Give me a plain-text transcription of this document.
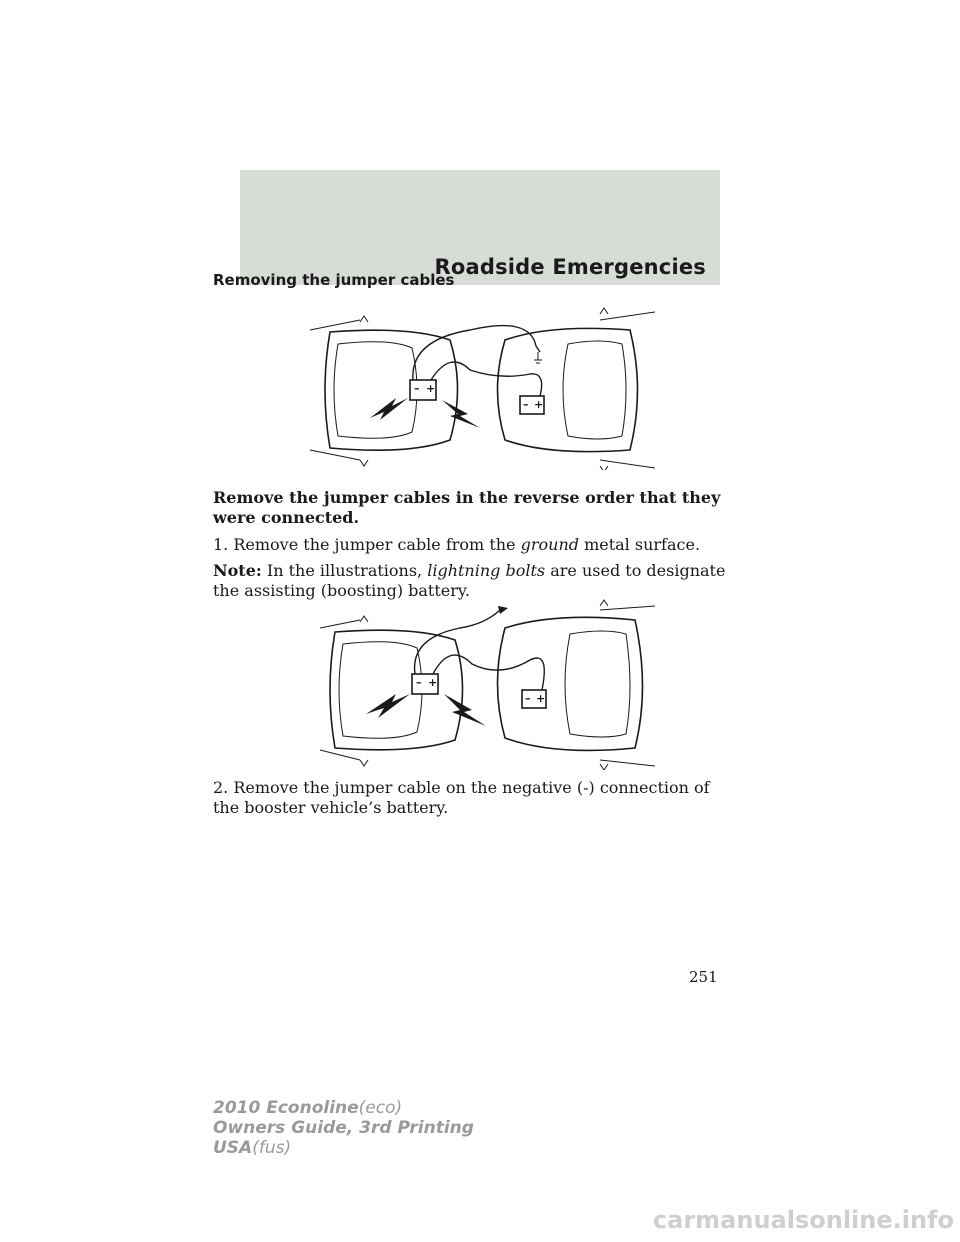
Roadside Emergencies
Removing the jumper cables
– +
– +

Remove the jumper cables in the reverse order that they were connected.

1. Remove the jumper cable from the ground metal surface.

Note: In the illustrations, lightning bolts are used to designate the assisting (boosting) battery.

– +
– +

2. Remove the jumper cable on the negative (-) connection of the booster vehicle’s battery.

251
2010 Econoline(eco)
Owners Guide, 3rd Printing
USA(fus)
carmanualsonline.info
